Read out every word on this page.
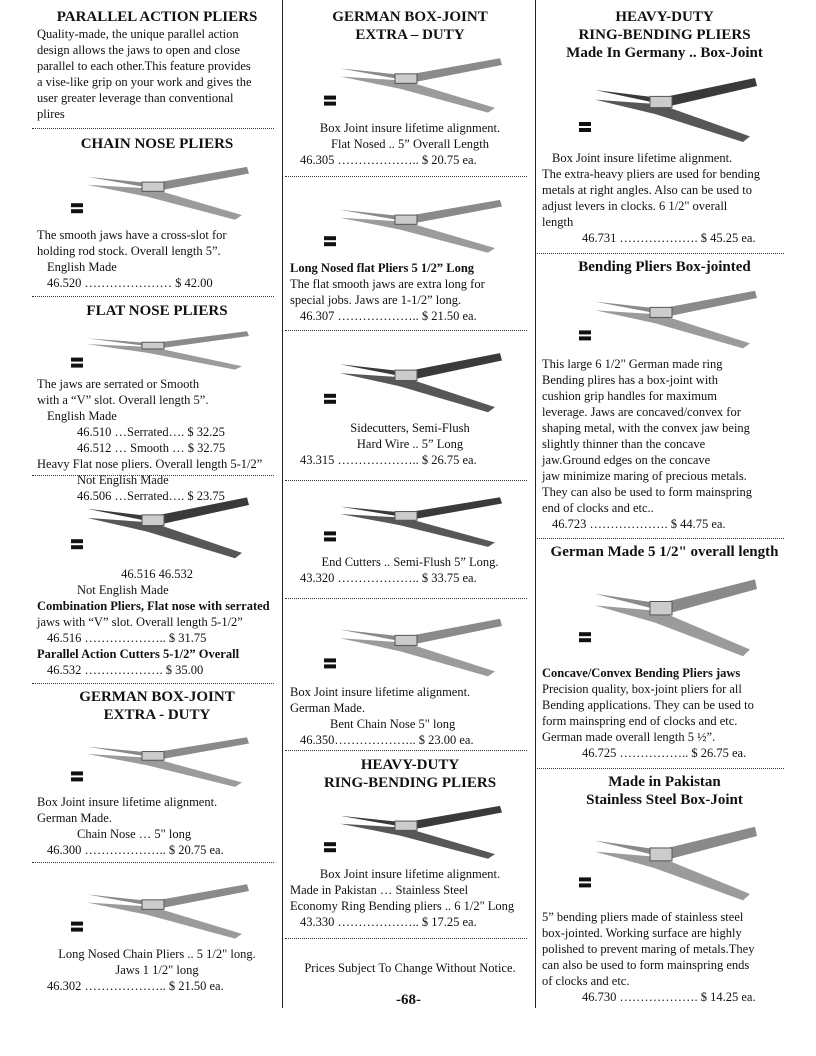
PARALLEL ACTION PLIERS
Quality-made, the unique parallel action
design allows the jaws to open and close
parallel to each other.This feature provides
a vise-like grip on your work and gives the
user greater leverage than conventional
plires
CHAIN NOSE PLIERS
The smooth jaws have a cross-slot for
holding rod stock. Overall length 5”.
English Made
46.520 ………………… $ 42.00
FLAT NOSE PLIERS
The jaws are serrated or Smooth
with a “V” slot. Overall length 5”.
English Made
46.510 …Serrated…. $ 32.25
46.512 … Smooth … $ 32.75
Heavy Flat nose pliers. Overall length 5-1/2”
Not English Made
46.506 …Serrated…. $ 23.75
46.516 46.532
Not English Made
Combination Pliers, Flat nose with serrated
jaws with “V” slot. Overall length 5-1/2”
46.516 ……………….. $ 31.75
Parallel Action Cutters 5-1/2” Overall
46.532 ………………. $ 35.00
GERMAN BOX-JOINT
EXTRA - DUTY
Box Joint insure lifetime alignment.
German Made.
Chain Nose … 5" long
46.300 ……………….. $ 20.75 ea.
Long Nosed Chain Pliers .. 5 1/2" long.
Jaws 1 1/2" long
46.302 ……………….. $ 21.50 ea.
GERMAN BOX-JOINT
EXTRA – DUTY
Box Joint insure lifetime alignment.
Flat Nosed .. 5” Overall Length
46.305 ……………….. $ 20.75 ea.
Long Nosed flat Pliers 5 1/2” Long
The flat smooth jaws are extra long for
special jobs. Jaws are 1-1/2” long.
46.307 ……………….. $ 21.50 ea.
Sidecutters, Semi-Flush
Hard Wire .. 5” Long
43.315 ……………….. $ 26.75 ea.
End Cutters .. Semi-Flush 5” Long.
43.320 ……………….. $ 33.75 ea.
Box Joint insure lifetime alignment.
German Made.
Bent Chain Nose 5" long
46.350……………….. $ 23.00 ea.
HEAVY-DUTY
RING-BENDING PLIERS
Box Joint insure lifetime alignment.
Made in Pakistan … Stainless Steel
Economy Ring Bending pliers .. 6 1/2" Long
43.330 ……………….. $ 17.25 ea.
Prices Subject To Change Without Notice.
HEAVY-DUTY
RING-BENDING PLIERS
Made In Germany .. Box-Joint
Box Joint insure lifetime alignment.
The extra-heavy pliers are used for bending
metals at right angles. Also can be used to
adjust levers in clocks. 6 1/2" overall
length
46.731 ………………. $ 45.25 ea.
Bending Pliers Box-jointed
This large 6 1/2" German made ring
Bending plires has a box-joint with
cushion grip handles for maximum
leverage. Jaws are concaved/convex for
shaping metal, with the convex jaw being
slightly thinner than the concave
jaw.Ground edges on the concave
jaw minimize maring of precious metals.
They can also be used to form mainspring
end of clocks and etc..
46.723 ………………. $ 44.75 ea.
German Made 5 1/2" overall length
Concave/Convex Bending Pliers jaws
Precision quality, box-joint pliers for all
Bending applications. They can be used to
form mainspring end of clocks and etc.
German made overall length 5 ½”.
46.725 …………….. $ 26.75 ea.
Made in Pakistan
Stainless Steel Box-Joint
5” bending pliers made of stainless steel
box-jointed. Working surface are highly
polished to prevent maring of metals.They
can also be used to form mainspring ends
of clocks and etc.
46.730 ………………. $ 14.25 ea.
-68-
